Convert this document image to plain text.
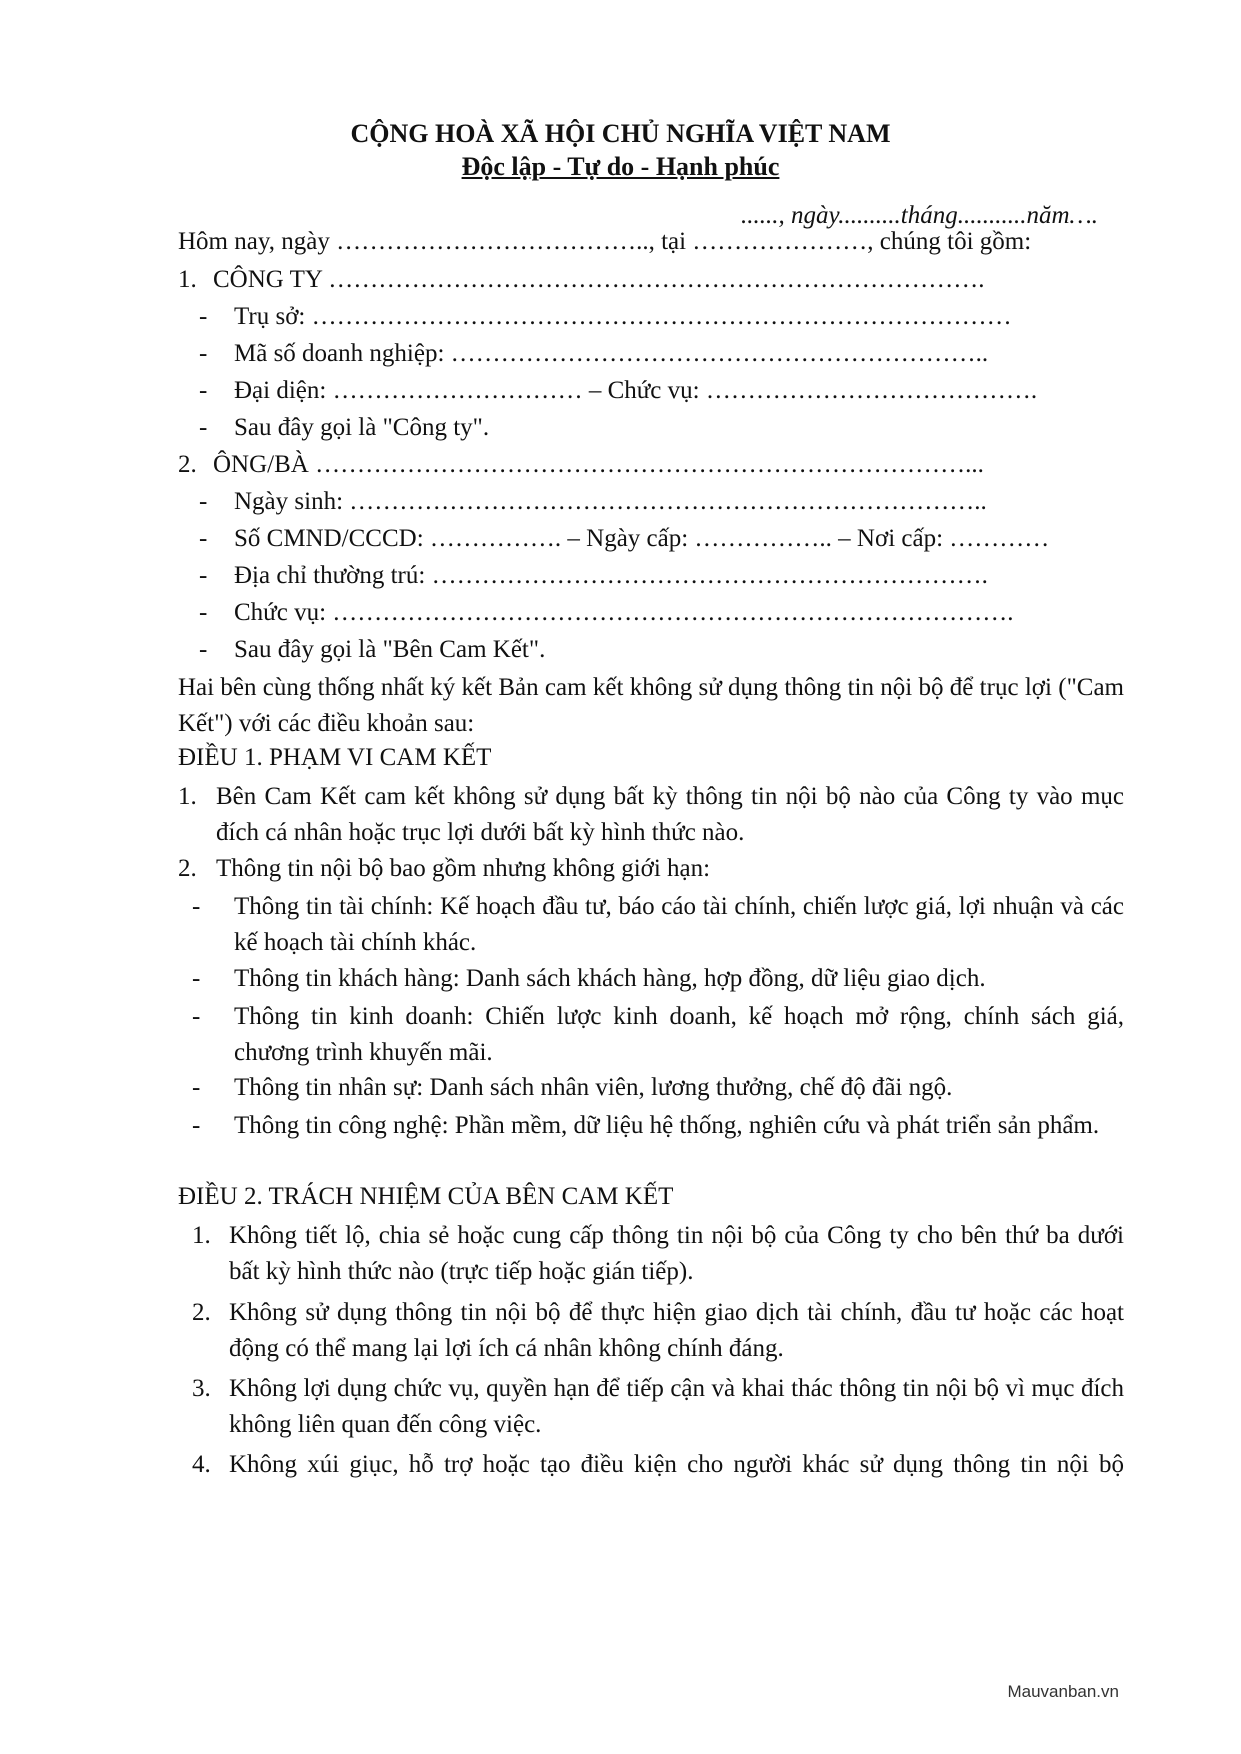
CỘNG HOÀ XÃ HỘI CHỦ NGHĨA VIỆT NAM
Độc lập - Tự do - Hạnh phúc
......, ngày..........tháng...........năm….
Hôm nay, ngày ……………………………….., tại …………………, chúng tôi gồm:
1. CÔNG TY …………………………………………………………………….
- Trụ sở: …………………………………………………………………………
- Mã số doanh nghiệp: ………………………………………………………..
- Đại diện: ………………………… – Chức vụ: ………………………………….
- Sau đây gọi là "Công ty".
2. ÔNG/BÀ ……………………………………………………………………...
- Ngày sinh: …………………………………………………………………..
- Số CMND/CCCD: ……………. – Ngày cấp: …………….. – Nơi cấp: …………
- Địa chỉ thường trú: ………………………………………………………….
- Chức vụ: ……………………………………………………………………….
- Sau đây gọi là "Bên Cam Kết".
Hai bên cùng thống nhất ký kết Bản cam kết không sử dụng thông tin nội bộ để trục lợi ("Cam Kết") với các điều khoản sau:
ĐIỀU 1. PHẠM VI CAM KẾT
1. Bên Cam Kết cam kết không sử dụng bất kỳ thông tin nội bộ nào của Công ty vào mục đích cá nhân hoặc trục lợi dưới bất kỳ hình thức nào.
2. Thông tin nội bộ bao gồm nhưng không giới hạn:
- Thông tin tài chính: Kế hoạch đầu tư, báo cáo tài chính, chiến lược giá, lợi nhuận và các kế hoạch tài chính khác.
- Thông tin khách hàng: Danh sách khách hàng, hợp đồng, dữ liệu giao dịch.
- Thông tin kinh doanh: Chiến lược kinh doanh, kế hoạch mở rộng, chính sách giá, chương trình khuyến mãi.
- Thông tin nhân sự: Danh sách nhân viên, lương thưởng, chế độ đãi ngộ.
- Thông tin công nghệ: Phần mềm, dữ liệu hệ thống, nghiên cứu và phát triển sản phẩm.
ĐIỀU 2. TRÁCH NHIỆM CỦA BÊN CAM KẾT
1. Không tiết lộ, chia sẻ hoặc cung cấp thông tin nội bộ của Công ty cho bên thứ ba dưới bất kỳ hình thức nào (trực tiếp hoặc gián tiếp).
2. Không sử dụng thông tin nội bộ để thực hiện giao dịch tài chính, đầu tư hoặc các hoạt động có thể mang lại lợi ích cá nhân không chính đáng.
3. Không lợi dụng chức vụ, quyền hạn để tiếp cận và khai thác thông tin nội bộ vì mục đích không liên quan đến công việc.
4. Không xúi giục, hỗ trợ hoặc tạo điều kiện cho người khác sử dụng thông tin nội bộ
Mauvanban.vn
